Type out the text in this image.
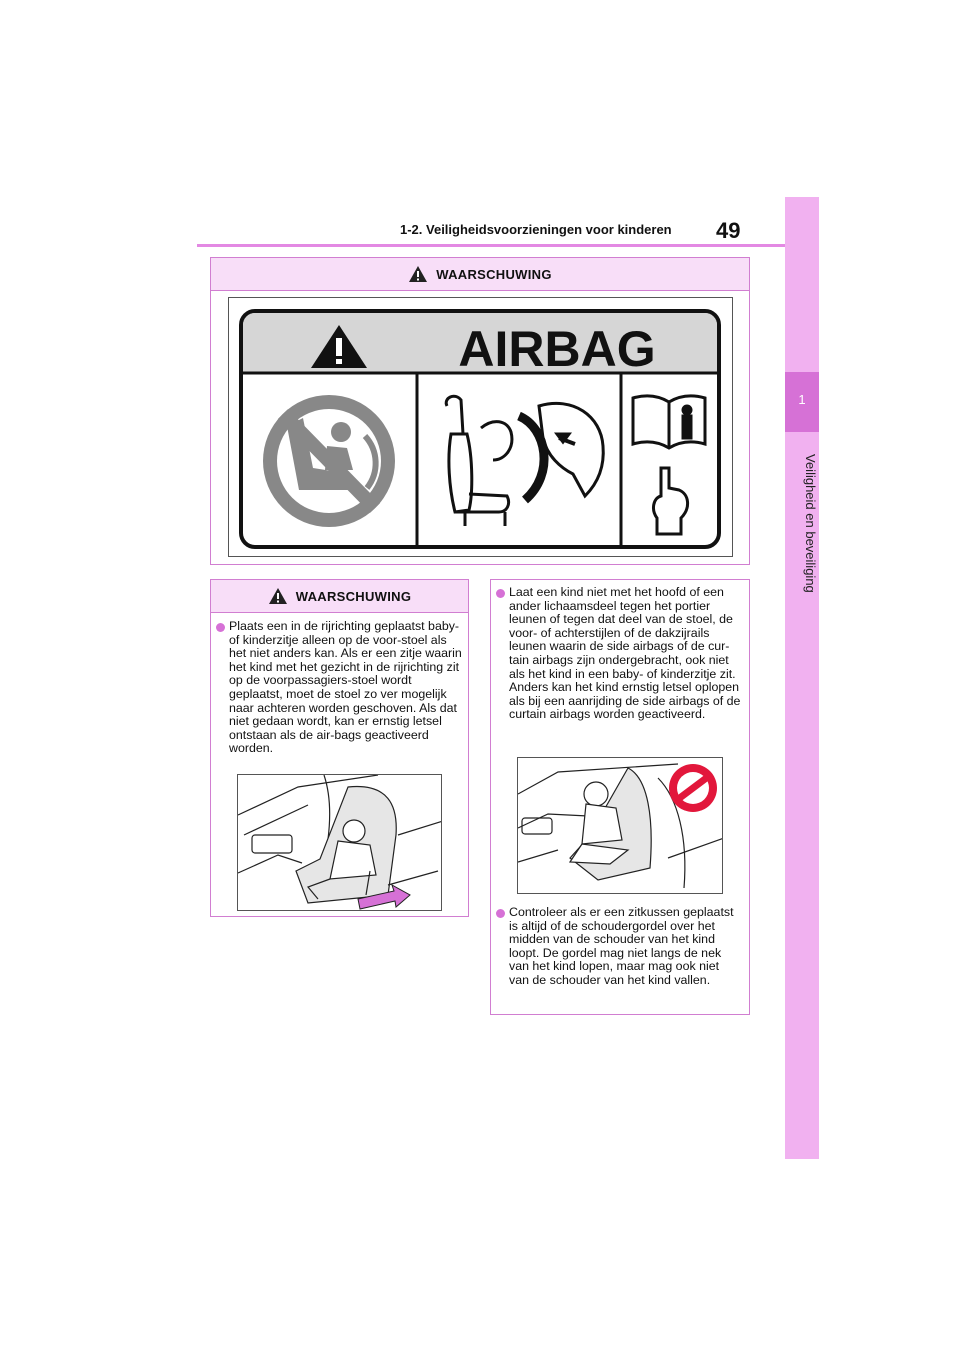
1-2. Veiligheidsvoorzieningen voor kinderen 49
1
Veiligheid en beveiliging
WAARSCHUWING
AIRBAG
WAARSCHUWING
Plaats een in de rijrichting geplaatst baby- of kinderzitje alleen op de voor-stoel als het niet anders kan. Als er een zitje waarin het kind met het gezicht in de rijrichting zit op de voorpassagiers-stoel wordt geplaatst, moet de stoel zo ver mogelijk naar achteren worden geschoven. Als dat niet gedaan wordt, kan er ernstig letsel ontstaan als de air-bags geactiveerd worden.
Laat een kind niet met het hoofd of een ander lichaamsdeel tegen het portier leunen of tegen dat deel van de stoel, de voor- of achterstijlen of de dakzijrails leunen waarin de side airbags of de cur-tain airbags zijn ondergebracht, ook niet als het kind in een baby- of kinderzitje zit. Anders kan het kind ernstig letsel oplopen als bij een aanrijding de side airbags of de curtain airbags worden geactiveerd.
Controleer als er een zitkussen geplaatst is altijd of de schoudergordel over het midden van de schouder van het kind loopt. De gordel mag niet langs de nek van het kind lopen, maar mag ook niet van de schouder van het kind vallen.
